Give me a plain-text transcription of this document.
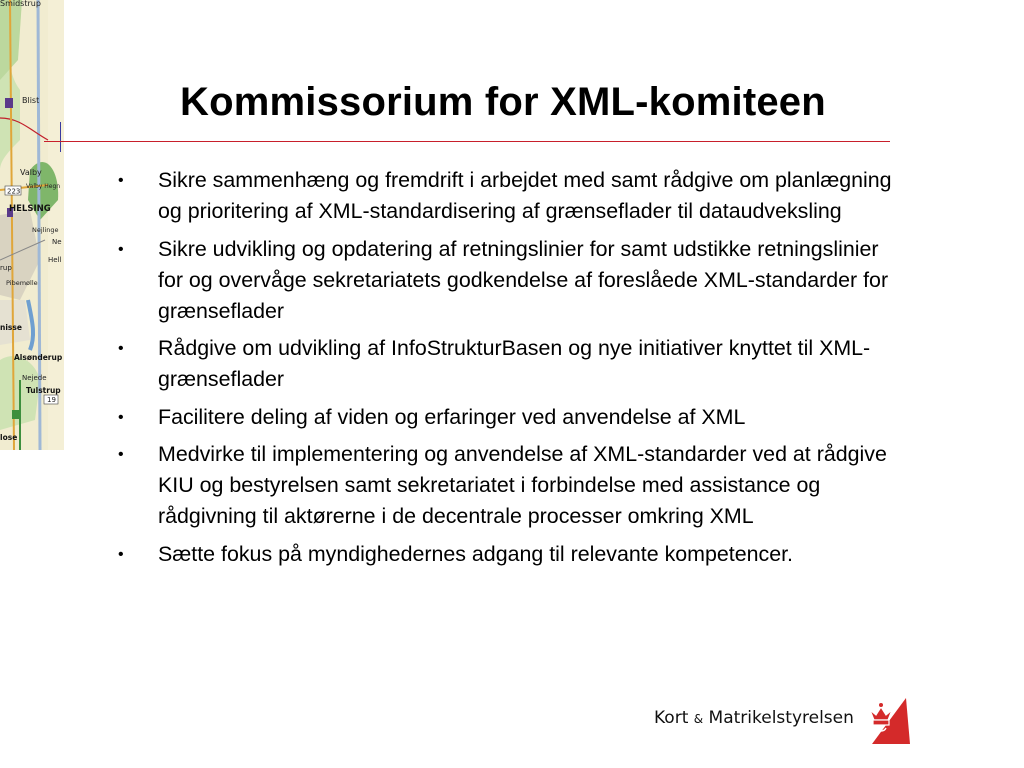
Smidstrup
Blist
Valby
Valby Hegn
223
HELSING
Nejlinge
Ne
Hell
rup
Pibemølle
nisse
Alsønderup
Nejede
Tulstrup
19
lose
Kommissorium for XML-komiteen
• Sikre sammenhæng og fremdrift i arbejdet med samt rådgive om planlægning og prioritering af XML-standardisering af grænseflader til dataudveksling
• Sikre udvikling og opdatering af retningslinier for samt udstikke retningslinier for og overvåge sekretariatets godkendelse af foreslåede XML-standarder for grænseflader
• Rådgive om udvikling af InfoStrukturBasen og nye initiativer knyttet til XML-grænseflader
• Facilitere deling af viden og erfaringer ved anvendelse af XML
• Medvirke til implementering og anvendelse af XML-standarder ved at rådgive KIU og bestyrelsen samt sekretariatet i forbindelse med assistance og rådgivning til aktørerne i de decentrale processer omkring XML
• Sætte fokus på myndighedernes adgang til relevante kompetencer.
Kort & Matrikelstyrelsen
